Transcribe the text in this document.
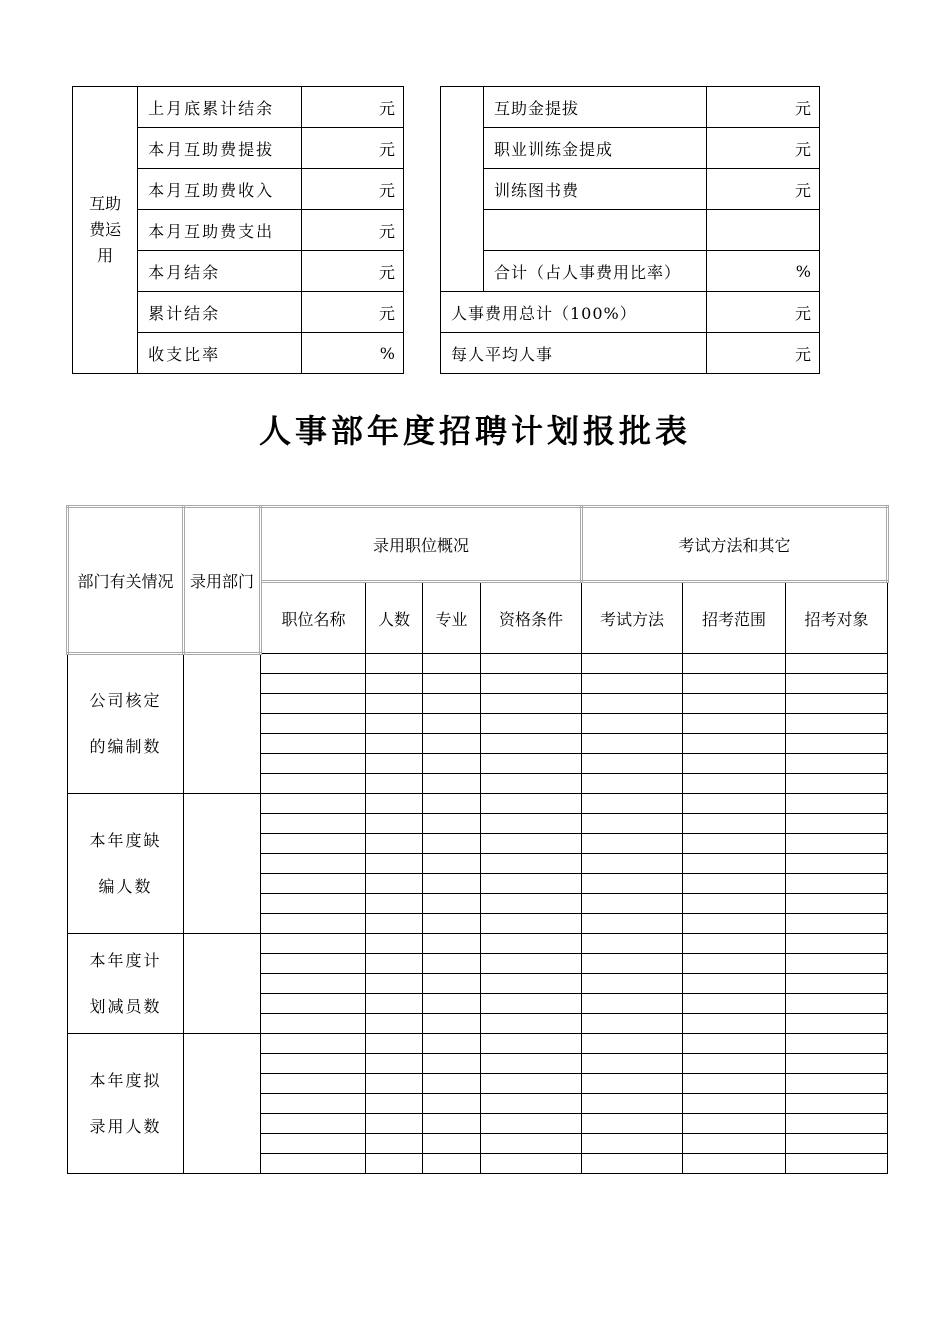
互助
费运
用	上月底累计结余	元
	本月互助费提拔	元
	本月互助费收入	元
	本月互助费支出	元
	本月结余	元
	累计结余	元
	收支比率	%
	互助金提拔	元
	职业训练金提成	元
	训练图书费	元

	合计（占人事费用比率）	%
人事费用总计（100%）		元
每人平均人事		元
人事部年度招聘计划报批表
部门有关情况	录用部门	录用职位概况				考试方法和其它		
		职位名称	人数	专业	资格条件	考试方法	招考范围	招考对象

公司核定
的编制数								

本年度缺
编人数								

本年度计
划减员数								

本年度拟
录用人数								
